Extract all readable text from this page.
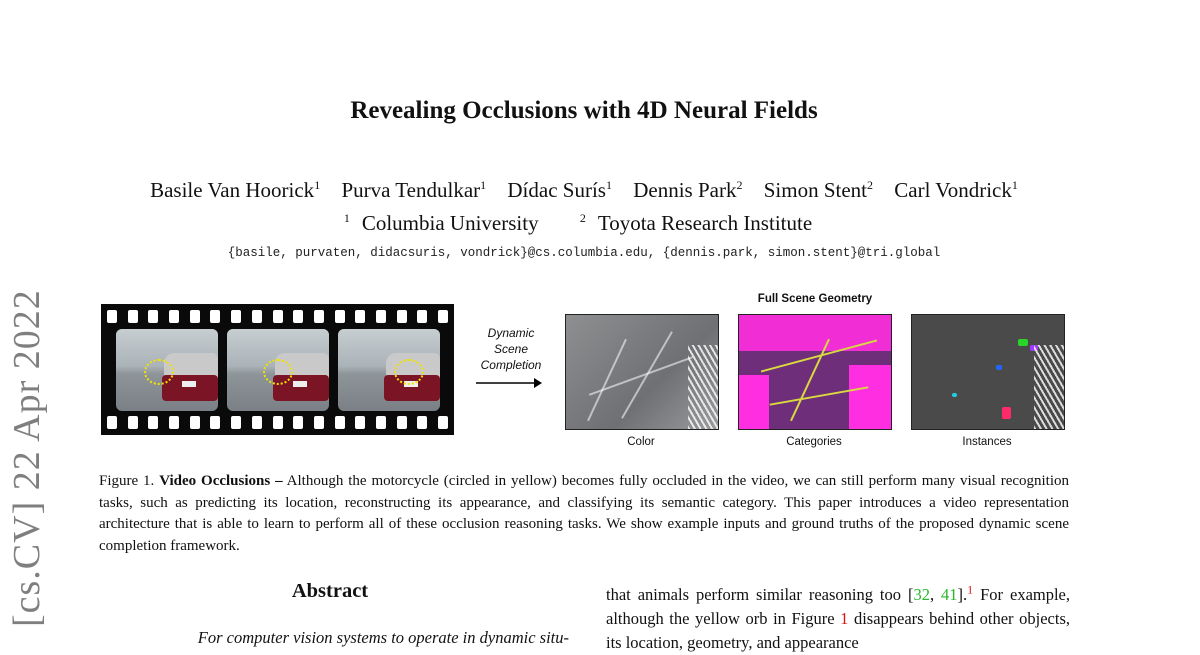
[cs.CV] 22 Apr 2022
Revealing Occlusions with 4D Neural Fields
Basile Van Hoorick$^1$ Purva Tendulkar$^1$ Dídac Surís$^1$ Dennis Park$^2$ Simon Stent$^2$ Carl Vondrick$^1$
$^1$ Columbia University	$^2$ Toyota Research Institute
{basile, purvaten, didacsuris, vondrick}@cs.columbia.edu, {dennis.park, simon.stent}@tri.global
Dynamic
Scene
Completion
Full Scene Geometry
Color	Categories	Instances
Figure 1. Video Occlusions – Although the motorcycle (circled in yellow) becomes fully occluded in the video, we can still perform many visual recognition tasks, such as predicting its location, reconstructing its appearance, and classifying its semantic category. This paper introduces a video representation architecture that is able to learn to perform all of these occlusion reasoning tasks. We show example inputs and ground truths of the proposed dynamic scene completion framework.
Abstract
For computer vision systems to operate in dynamic situ-
that animals perform similar reasoning too [32, 41].$^1$ For example, although the yellow orb in Figure 1 disappears behind other objects, its location, geometry, and appearance
